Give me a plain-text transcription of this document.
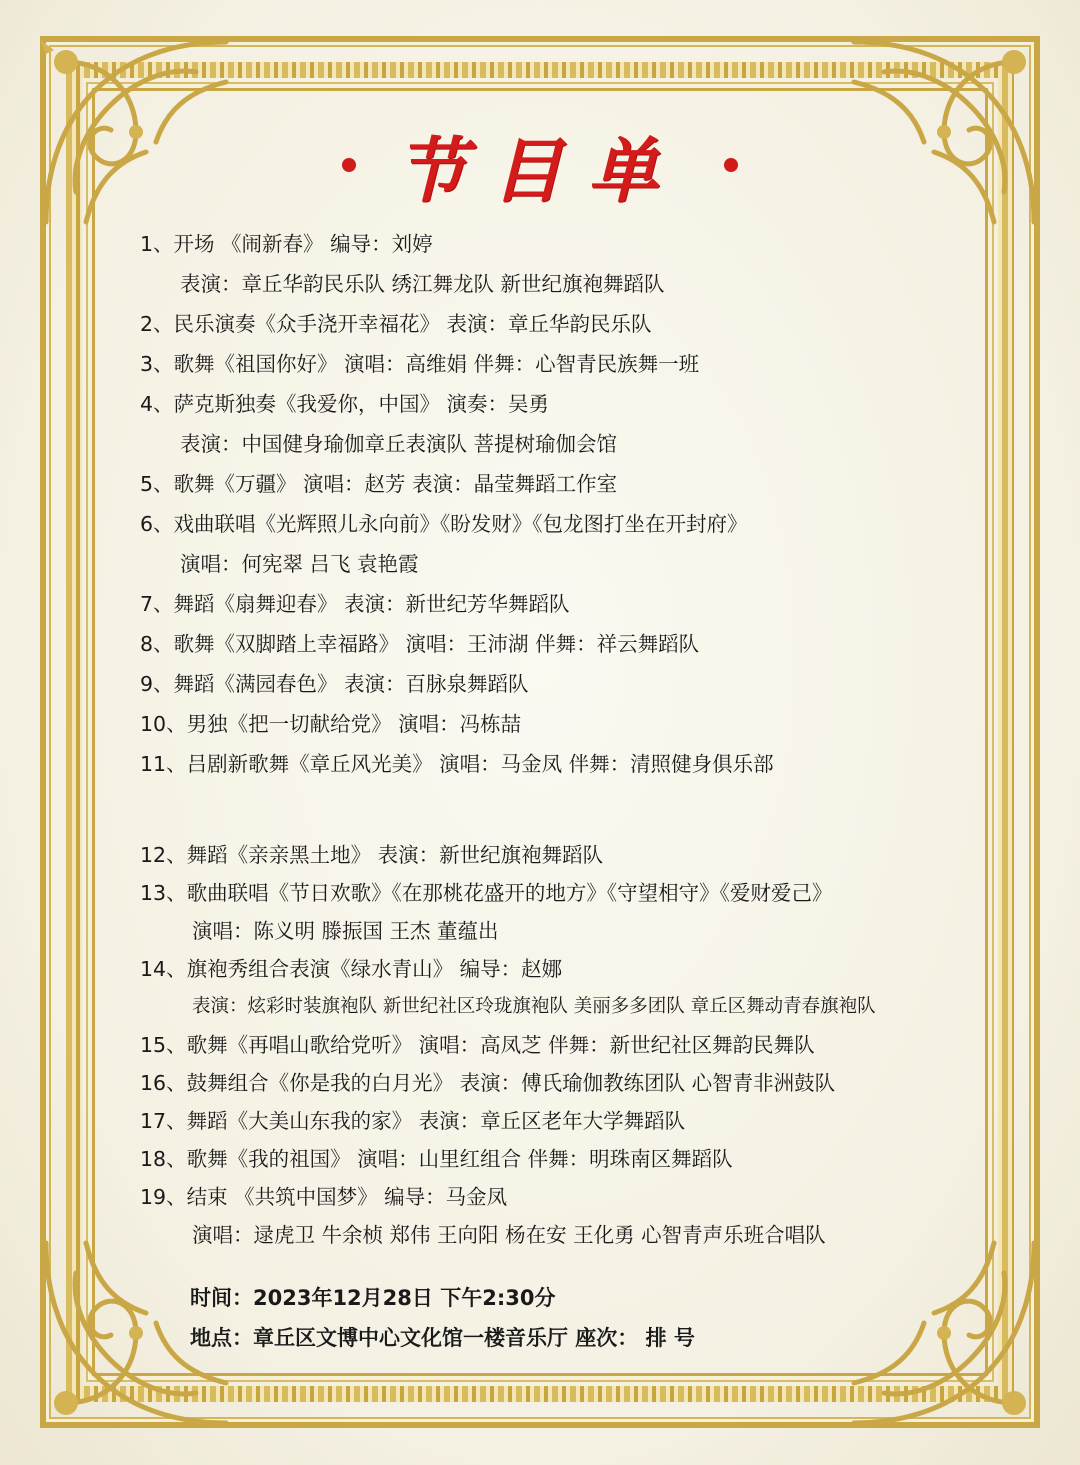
节目单
1、开场 《闹新春》 编导：刘婷
表演：章丘华韵民乐队 绣江舞龙队 新世纪旗袍舞蹈队
2、民乐演奏《众手浇开幸福花》 表演：章丘华韵民乐队
3、歌舞《祖国你好》 演唱：高维娟 伴舞：心智青民族舞一班
4、萨克斯独奏《我爱你，中国》 演奏：吴勇
表演：中国健身瑜伽章丘表演队 菩提树瑜伽会馆
5、歌舞《万疆》 演唱：赵芳 表演：晶莹舞蹈工作室
6、戏曲联唱《光辉照儿永向前》《盼发财》《包龙图打坐在开封府》
演唱：何宪翠 吕飞 袁艳霞
7、舞蹈《扇舞迎春》 表演：新世纪芳华舞蹈队
8、歌舞《双脚踏上幸福路》 演唱：王沛湖 伴舞：祥云舞蹈队
9、舞蹈《满园春色》 表演：百脉泉舞蹈队
10、男独《把一切献给党》 演唱：冯栋喆
11、吕剧新歌舞《章丘风光美》 演唱：马金凤 伴舞：清照健身俱乐部
12、舞蹈《亲亲黑土地》 表演：新世纪旗袍舞蹈队
13、歌曲联唱《节日欢歌》《在那桃花盛开的地方》《守望相守》《爱财爱己》
演唱：陈义明 滕振国 王杰 董蕴出
14、旗袍秀组合表演《绿水青山》 编导：赵娜
表演：炫彩时装旗袍队 新世纪社区玲珑旗袍队 美丽多多团队 章丘区舞动青春旗袍队
15、歌舞《再唱山歌给党听》 演唱：高凤芝 伴舞：新世纪社区舞韵民舞队
16、鼓舞组合《你是我的白月光》 表演：傅氏瑜伽教练团队 心智青非洲鼓队
17、舞蹈《大美山东我的家》 表演：章丘区老年大学舞蹈队
18、歌舞《我的祖国》 演唱：山里红组合 伴舞：明珠南区舞蹈队
19、结束 《共筑中国梦》 编导：马金凤
演唱：逯虎卫 牛余桢 郑伟 王向阳 杨在安 王化勇 心智青声乐班合唱队
时间：2023年12月28日 下午2:30分
地点：章丘区文博中心文化馆一楼音乐厅 座次： 排 号
